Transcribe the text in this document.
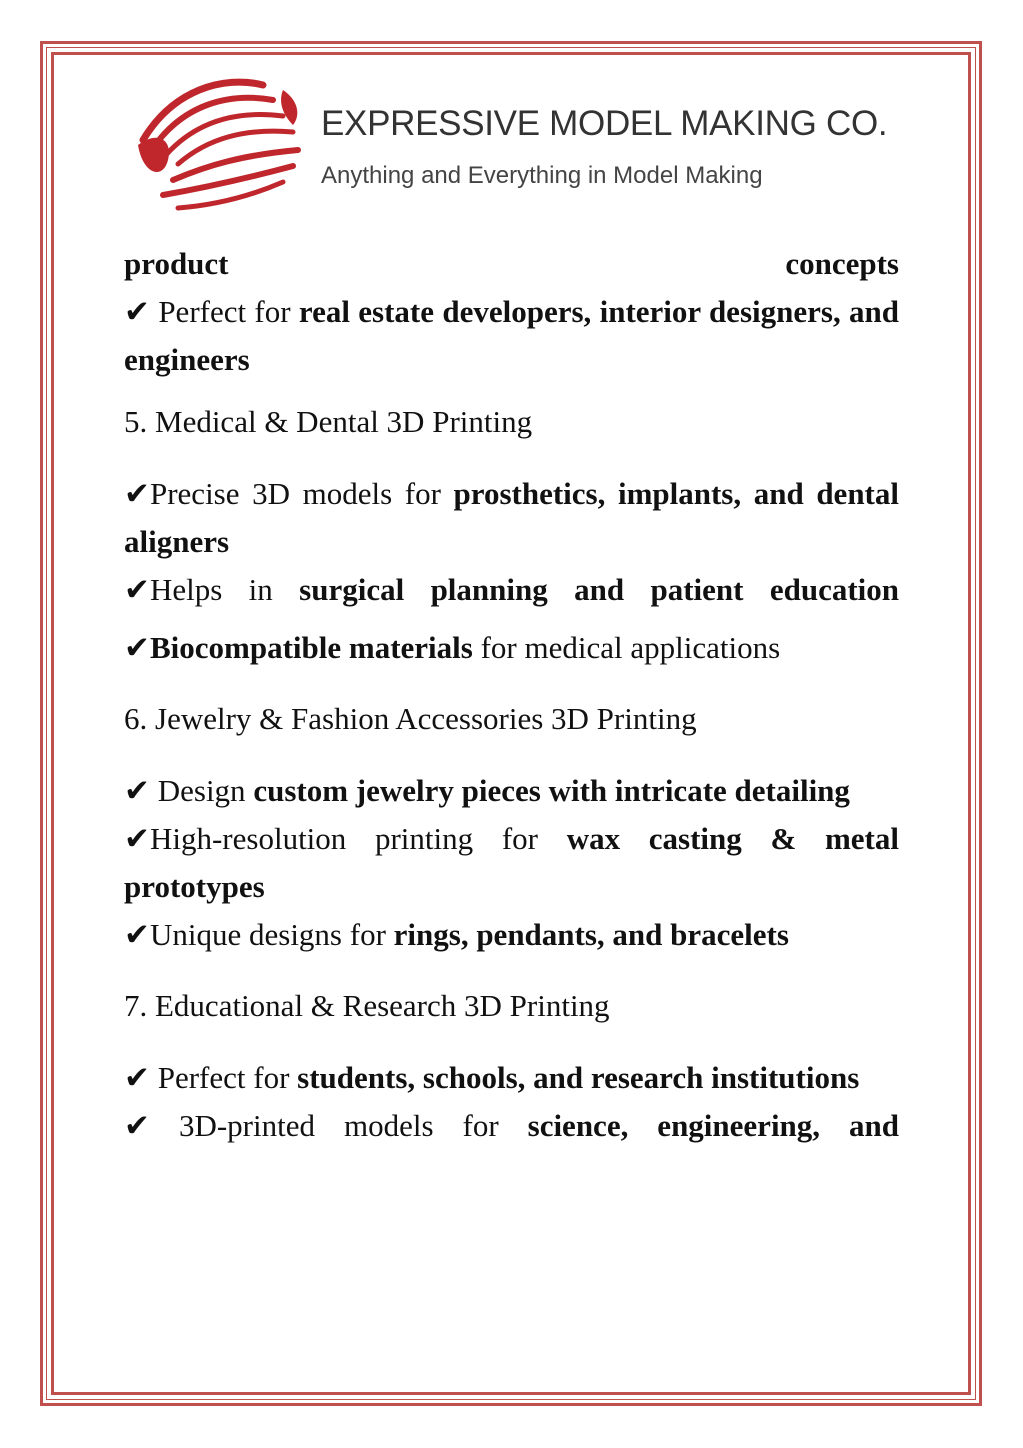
EXPRESSIVE MODEL MAKING CO.
Anything and Everything in Model Making

product	concepts

✔ Perfect for real estate developers, interior designers, and engineers

5. Medical & Dental 3D Printing

✔Precise 3D models for prosthetics, implants, and dental aligners

✔Helps in surgical planning and patient education

✔Biocompatible materials for medical applications

6. Jewelry & Fashion Accessories 3D Printing

✔ Design custom jewelry pieces with intricate detailing

✔High-resolution printing for wax casting & metal prototypes

✔Unique designs for rings, pendants, and bracelets

7. Educational & Research 3D Printing

✔ Perfect for students, schools, and research institutions

✔ 3D-printed models for science, engineering, and
